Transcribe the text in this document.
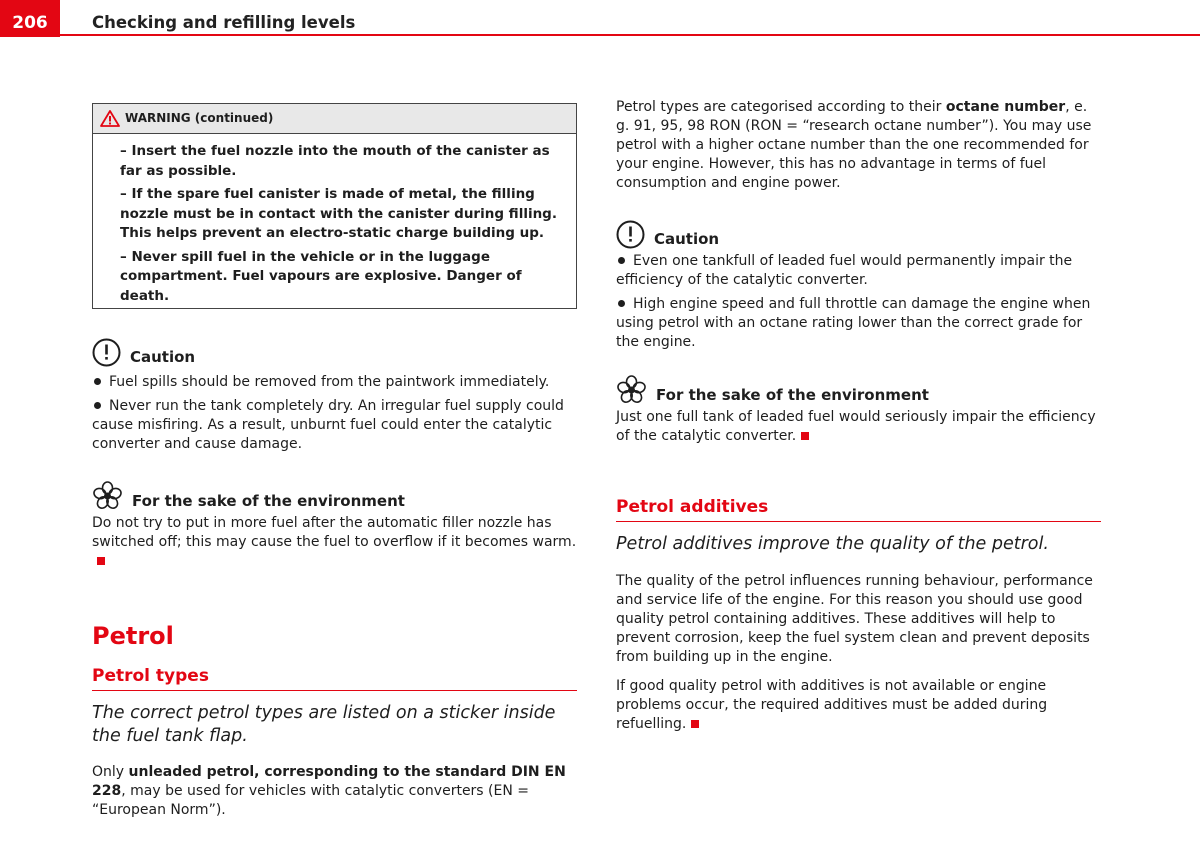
206	Checking and refilling levels
WARNING (continued)

– Insert the fuel nozzle into the mouth of the canister as far as possible.

– If the spare fuel canister is made of metal, the filling nozzle must be in contact with the canister during filling. This helps prevent an electro-static charge building up.

– Never spill fuel in the vehicle or in the luggage compartment. Fuel vapours are explosive. Danger of death.

Caution

Fuel spills should be removed from the paintwork immediately.

Never run the tank completely dry. An irregular fuel supply could cause misfiring. As a result, unburnt fuel could enter the catalytic converter and cause damage.

For the sake of the environment

Do not try to put in more fuel after the automatic filler nozzle has switched off; this may cause the fuel to overflow if it becomes warm.

Petrol
Petrol types

The correct petrol types are listed on a sticker inside the fuel tank flap.

Only unleaded petrol, corresponding to the standard DIN EN 228, may be used for vehicles with catalytic converters (EN = “European Norm”).

Petrol types are categorised according to their octane number, e. g. 91, 95, 98 RON (RON = “research octane number”). You may use petrol with a higher octane number than the one recommended for your engine. However, this has no advantage in terms of fuel consumption and engine power.

Caution

Even one tankfull of leaded fuel would permanently impair the efficiency of the catalytic converter.

High engine speed and full throttle can damage the engine when using petrol with an octane rating lower than the correct grade for the engine.

For the sake of the environment

Just one full tank of leaded fuel would seriously impair the efficiency of the catalytic converter.

Petrol additives

Petrol additives improve the quality of the petrol.

The quality of the petrol influences running behaviour, performance and service life of the engine. For this reason you should use good quality petrol containing additives. These additives will help to prevent corrosion, keep the fuel system clean and prevent deposits from building up in the engine.

If good quality petrol with additives is not available or engine problems occur, the required additives must be added during refuelling.
